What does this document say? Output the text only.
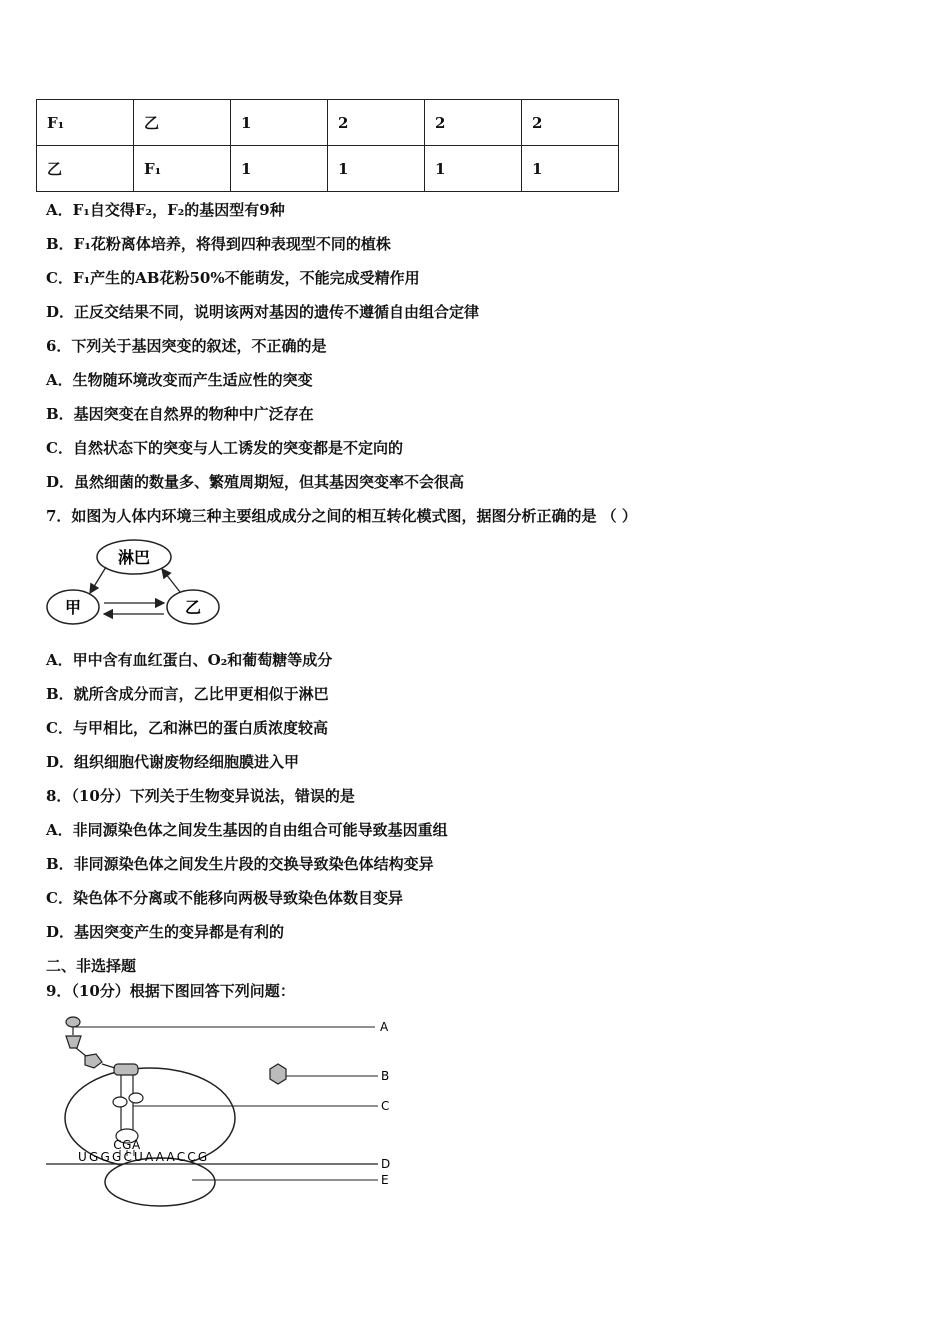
F₁	乙	1	2	2	2
乙	F₁	1	1	1	1
A．F₁自交得F₂，F₂的基因型有9种
B．F₁花粉离体培养，将得到四种表现型不同的植株
C．F₁产生的AB花粉50%不能萌发，不能完成受精作用
D．正反交结果不同，说明该两对基因的遗传不遵循自由组合定律
6．下列关于基因突变的叙述，不正确的是
A．生物随环境改变而产生适应性的突变
B．基因突变在自然界的物种中广泛存在
C．自然状态下的突变与人工诱发的突变都是不定向的
D．虽然细菌的数量多、繁殖周期短，但其基因突变率不会很高
7．如图为人体内环境三种主要组成成分之间的相互转化模式图，据图分析正确的是 （ ）
淋巴
甲	乙
A．甲中含有血红蛋白、O₂和葡萄糖等成分
B．就所含成分而言，乙比甲更相似于淋巴
C．与甲相比，乙和淋巴的蛋白质浓度较高
D．组织细胞代谢废物经细胞膜进入甲
8．（10分）下列关于生物变异说法，错误的是
A．非同源染色体之间发生基因的自由组合可能导致基因重组
B．非同源染色体之间发生片段的交换导致染色体结构变异
C．染色体不分离或不能移向两极导致染色体数目变异
D．基因突变产生的变异都是有利的
二、非选择题
9．（10分）根据下图回答下列问题：
CGA
UGGGCUAAACCG
A
B
C
D
E
